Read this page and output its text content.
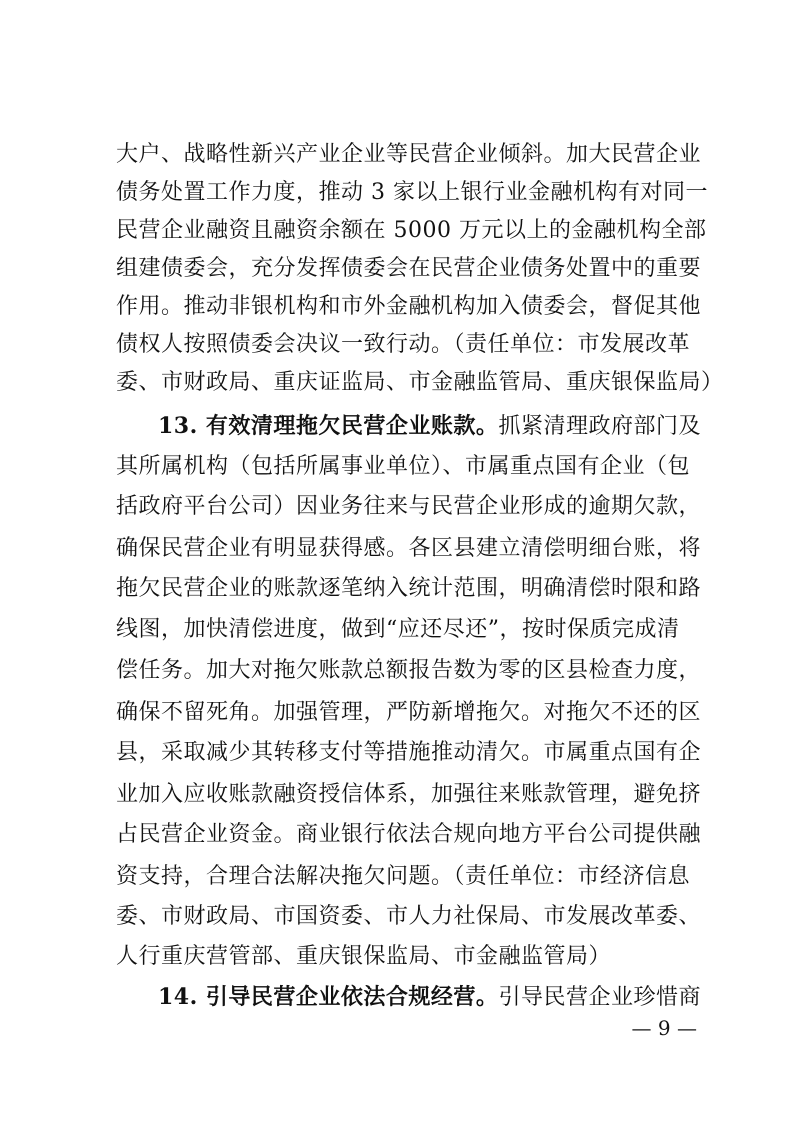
大户、战略性新兴产业企业等民营企业倾斜。加大民营企业
债务处置工作力度，推动 3 家以上银行业金融机构有对同一
民营企业融资且融资余额在 5000 万元以上的金融机构全部
组建债委会，充分发挥债委会在民营企业债务处置中的重要
作用。推动非银机构和市外金融机构加入债委会，督促其他
债权人按照债委会决议一致行动。（责任单位：市发展改革
委、市财政局、重庆证监局、市金融监管局、重庆银保监局）
13. 有效清理拖欠民营企业账款。抓紧清理政府部门及
其所属机构（包括所属事业单位）、市属重点国有企业（包
括政府平台公司）因业务往来与民营企业形成的逾期欠款，
确保民营企业有明显获得感。各区县建立清偿明细台账，将
拖欠民营企业的账款逐笔纳入统计范围，明确清偿时限和路
线图，加快清偿进度，做到“应还尽还”，按时保质完成清
偿任务。加大对拖欠账款总额报告数为零的区县检查力度，
确保不留死角。加强管理，严防新增拖欠。对拖欠不还的区
县，采取减少其转移支付等措施推动清欠。市属重点国有企
业加入应收账款融资授信体系，加强往来账款管理，避免挤
占民营企业资金。商业银行依法合规向地方平台公司提供融
资支持，合理合法解决拖欠问题。（责任单位：市经济信息
委、市财政局、市国资委、市人力社保局、市发展改革委、
人行重庆营管部、重庆银保监局、市金融监管局）
14. 引导民营企业依法合规经营。引导民营企业珍惜商
— 9 —
